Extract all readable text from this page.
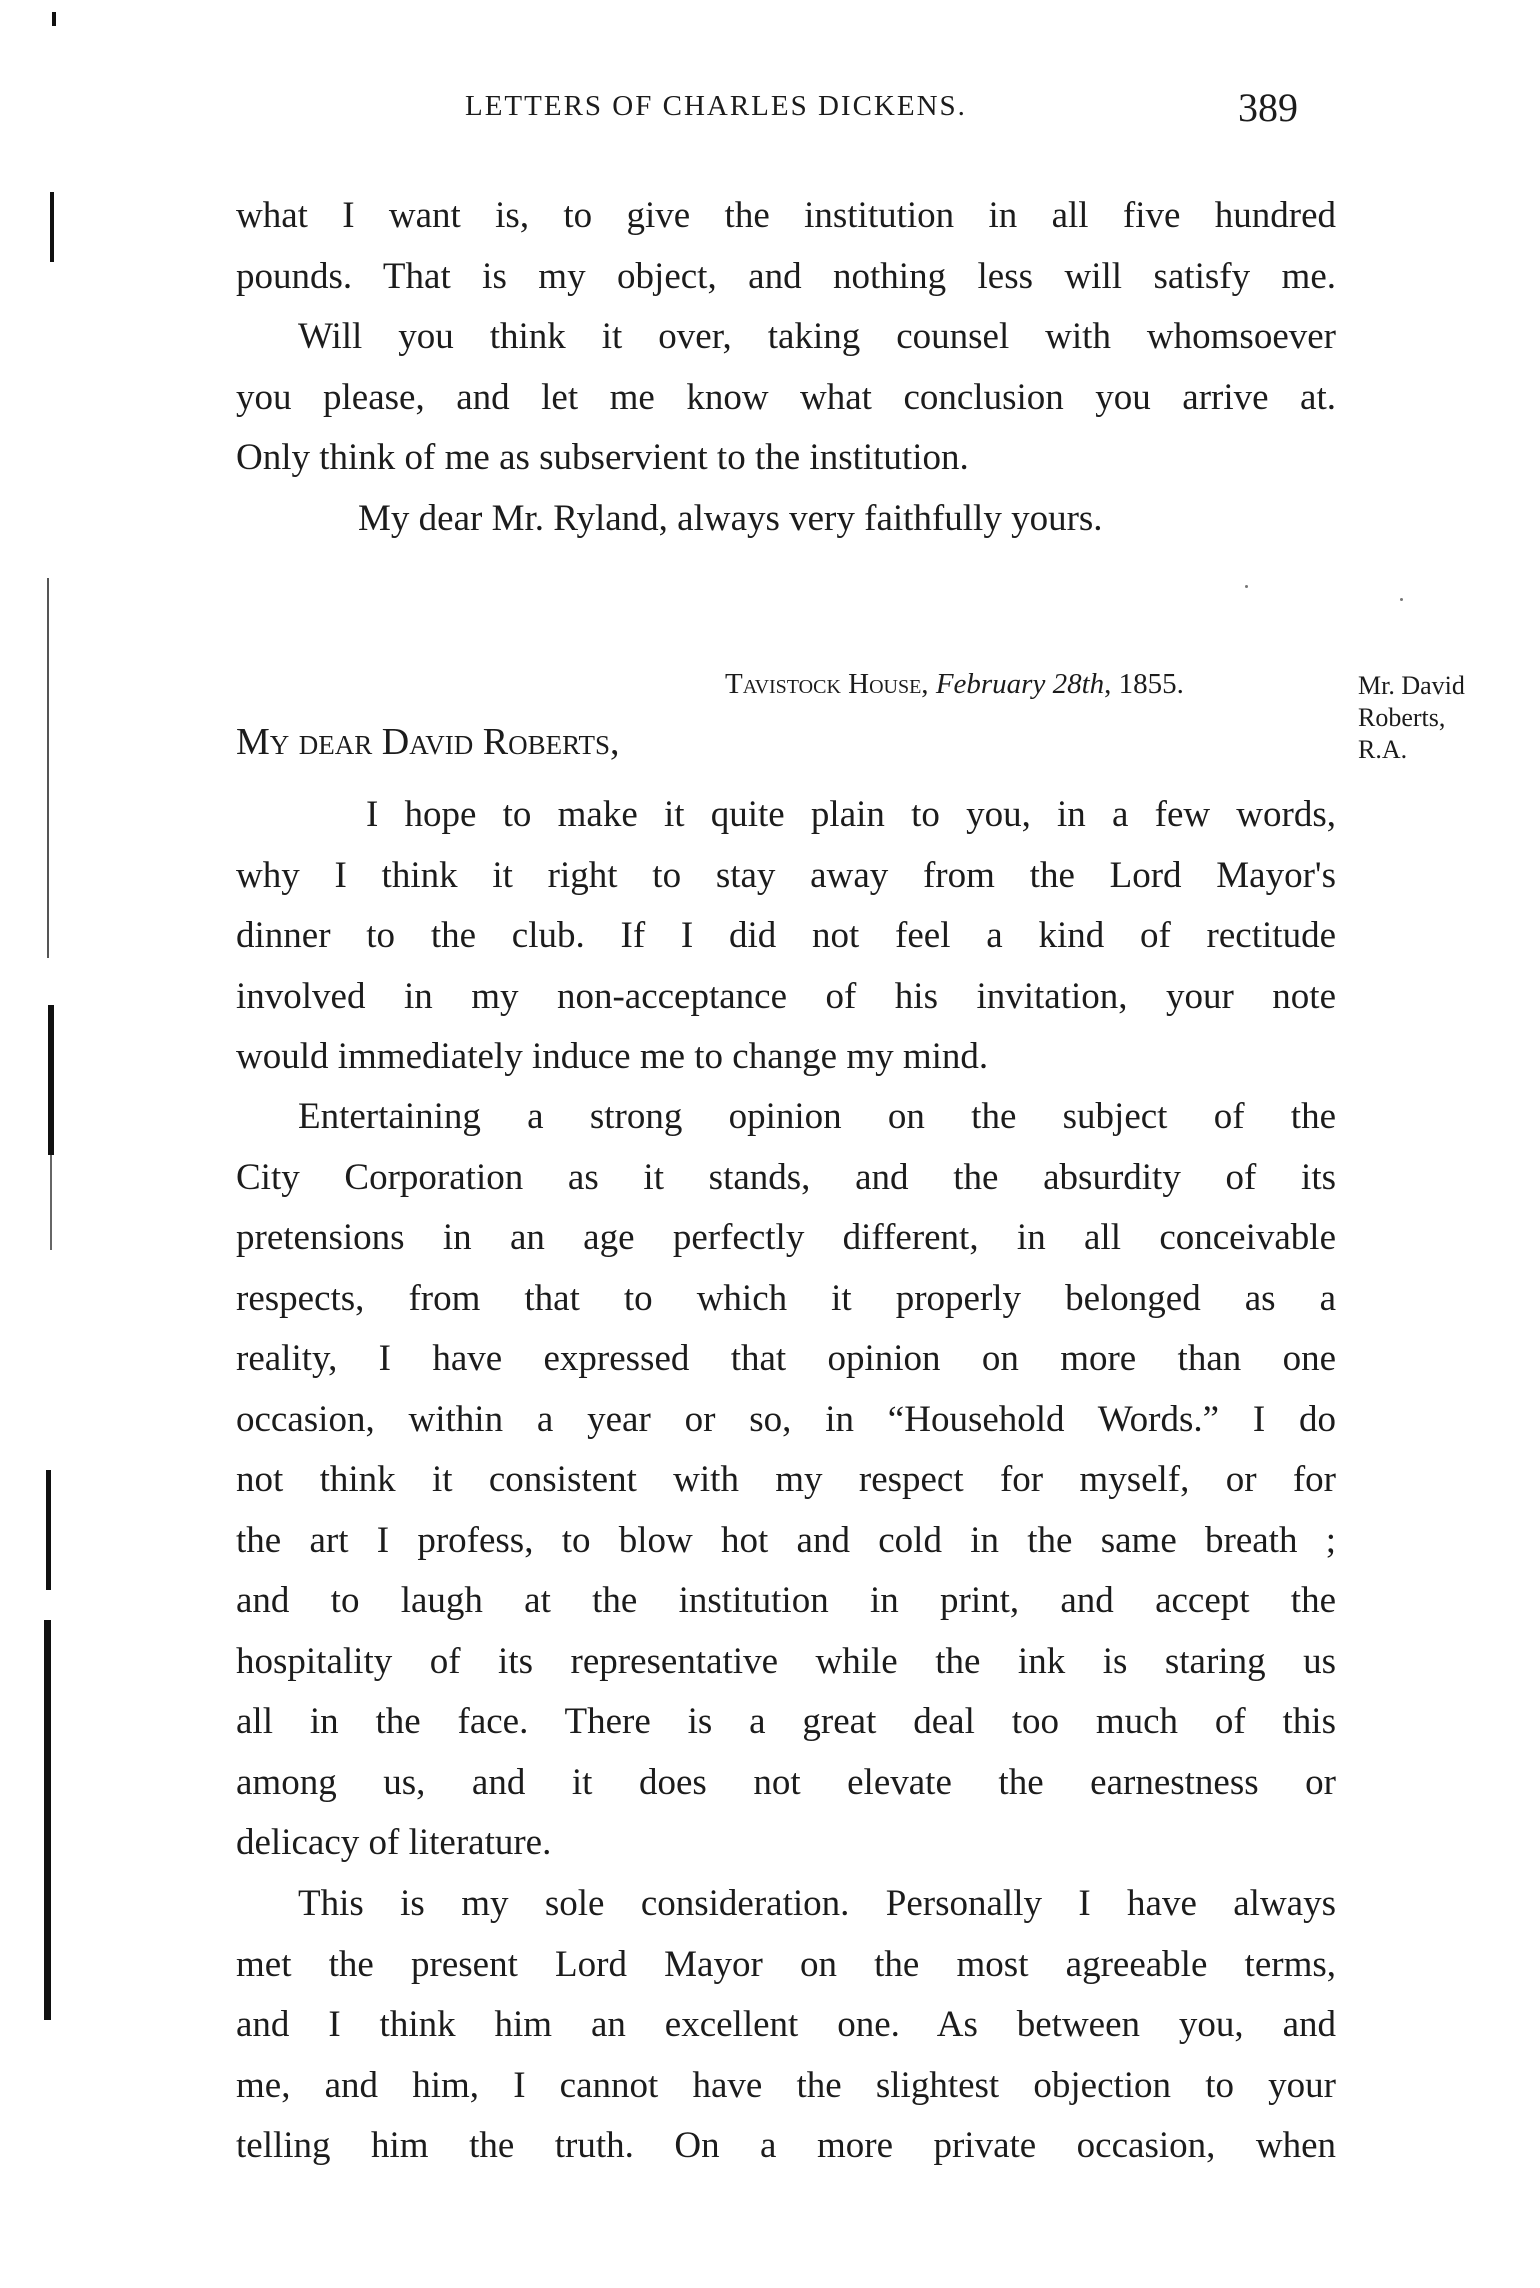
LETTERS OF CHARLES DICKENS.	389
what I want is, to give the institution in all five hundred
pounds. That is my object, and nothing less will satisfy me.
Will you think it over, taking counsel with whomsoever
you please, and let me know what conclusion you arrive at.
Only think of me as subservient to the institution.
My dear Mr. Ryland, always very faithfully yours.
Tavistock House, February 28th, 1855.	Mr. David
Roberts,
R.A.
My dear David Roberts,
I hope to make it quite plain to you, in a few words,
why I think it right to stay away from the Lord Mayor's
dinner to the club. If I did not feel a kind of rectitude
involved in my non-acceptance of his invitation, your note
would immediately induce me to change my mind.
Entertaining a strong opinion on the subject of the
City Corporation as it stands, and the absurdity of its
pretensions in an age perfectly different, in all conceivable
respects, from that to which it properly belonged as a
reality, I have expressed that opinion on more than one
occasion, within a year or so, in “Household Words.” I do
not think it consistent with my respect for myself, or for
the art I profess, to blow hot and cold in the same breath ;
and to laugh at the institution in print, and accept the
hospitality of its representative while the ink is staring us
all in the face. There is a great deal too much of this
among us, and it does not elevate the earnestness or
delicacy of literature.
This is my sole consideration. Personally I have always
met the present Lord Mayor on the most agreeable terms,
and I think him an excellent one. As between you, and
me, and him, I cannot have the slightest objection to your
telling him the truth. On a more private occasion, when
